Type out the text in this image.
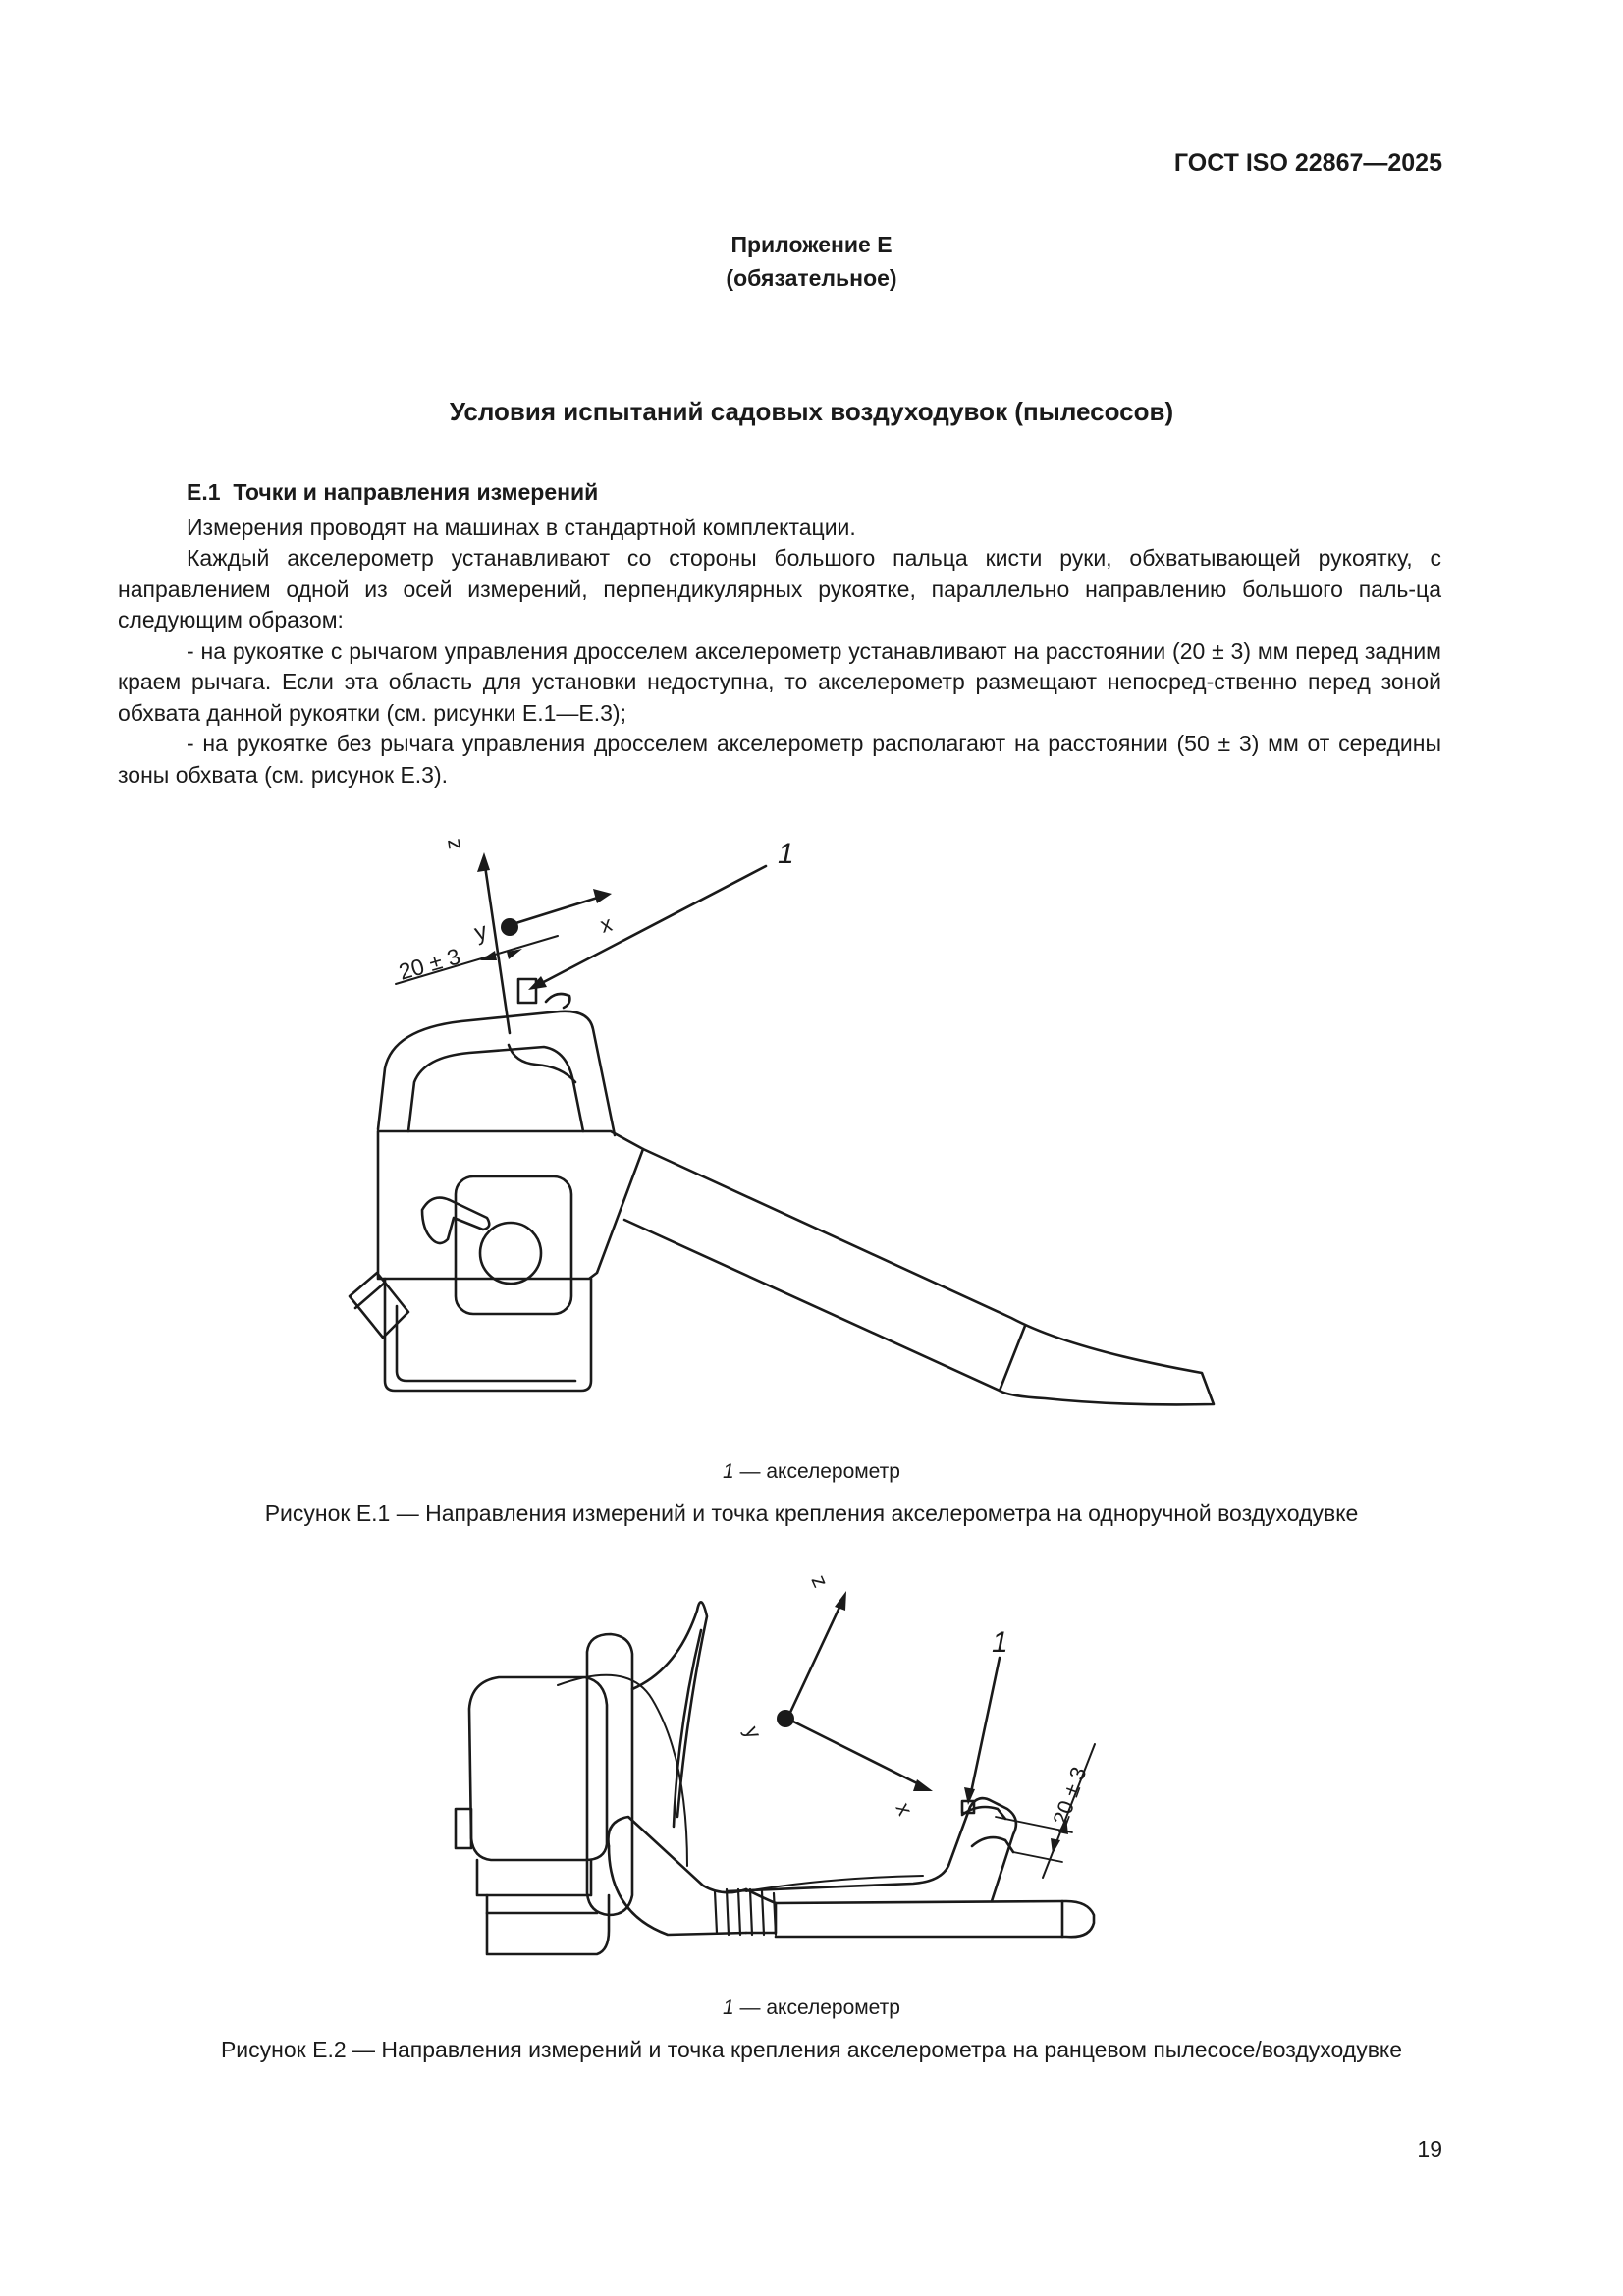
ГОСТ ISO 22867—2025
Приложение Е
(обязательное)
Условия испытаний садовых воздуходувок (пылесосов)

Е.1 Точки и направления измерений

Измерения проводят на машинах в стандартной комплектации.

Каждый акселерометр устанавливают со стороны большого пальца кисти руки, обхватывающей рукоятку, с направлением одной из осей измерений, перпендикулярных рукоятке, параллельно направлению большого паль-ца следующим образом:

- на рукоятке с рычагом управления дросселем акселерометр устанавливают на расстоянии (20 ± 3) мм перед задним краем рычага. Если эта область для установки недоступна, то акселерометр размещают непосред-ственно перед зоной обхвата данной рукоятки (см. рисунки Е.1—Е.3);

- на рукоятке без рычага управления дросселем акселерометр располагают на расстоянии (50 ± 3) мм от середины зоны обхвата (см. рисунок Е.3).

z
y	x
20 ± 3
1
1 — акселерометр
Рисунок Е.1 — Направления измерений и точка крепления акселерометра на одноручной воздуходувке
z
y
x	20 ± 3
1
1 — акселерометр
Рисунок Е.2 — Направления измерений и точка крепления акселерометра на ранцевом пылесосе/воздуходувке
19
